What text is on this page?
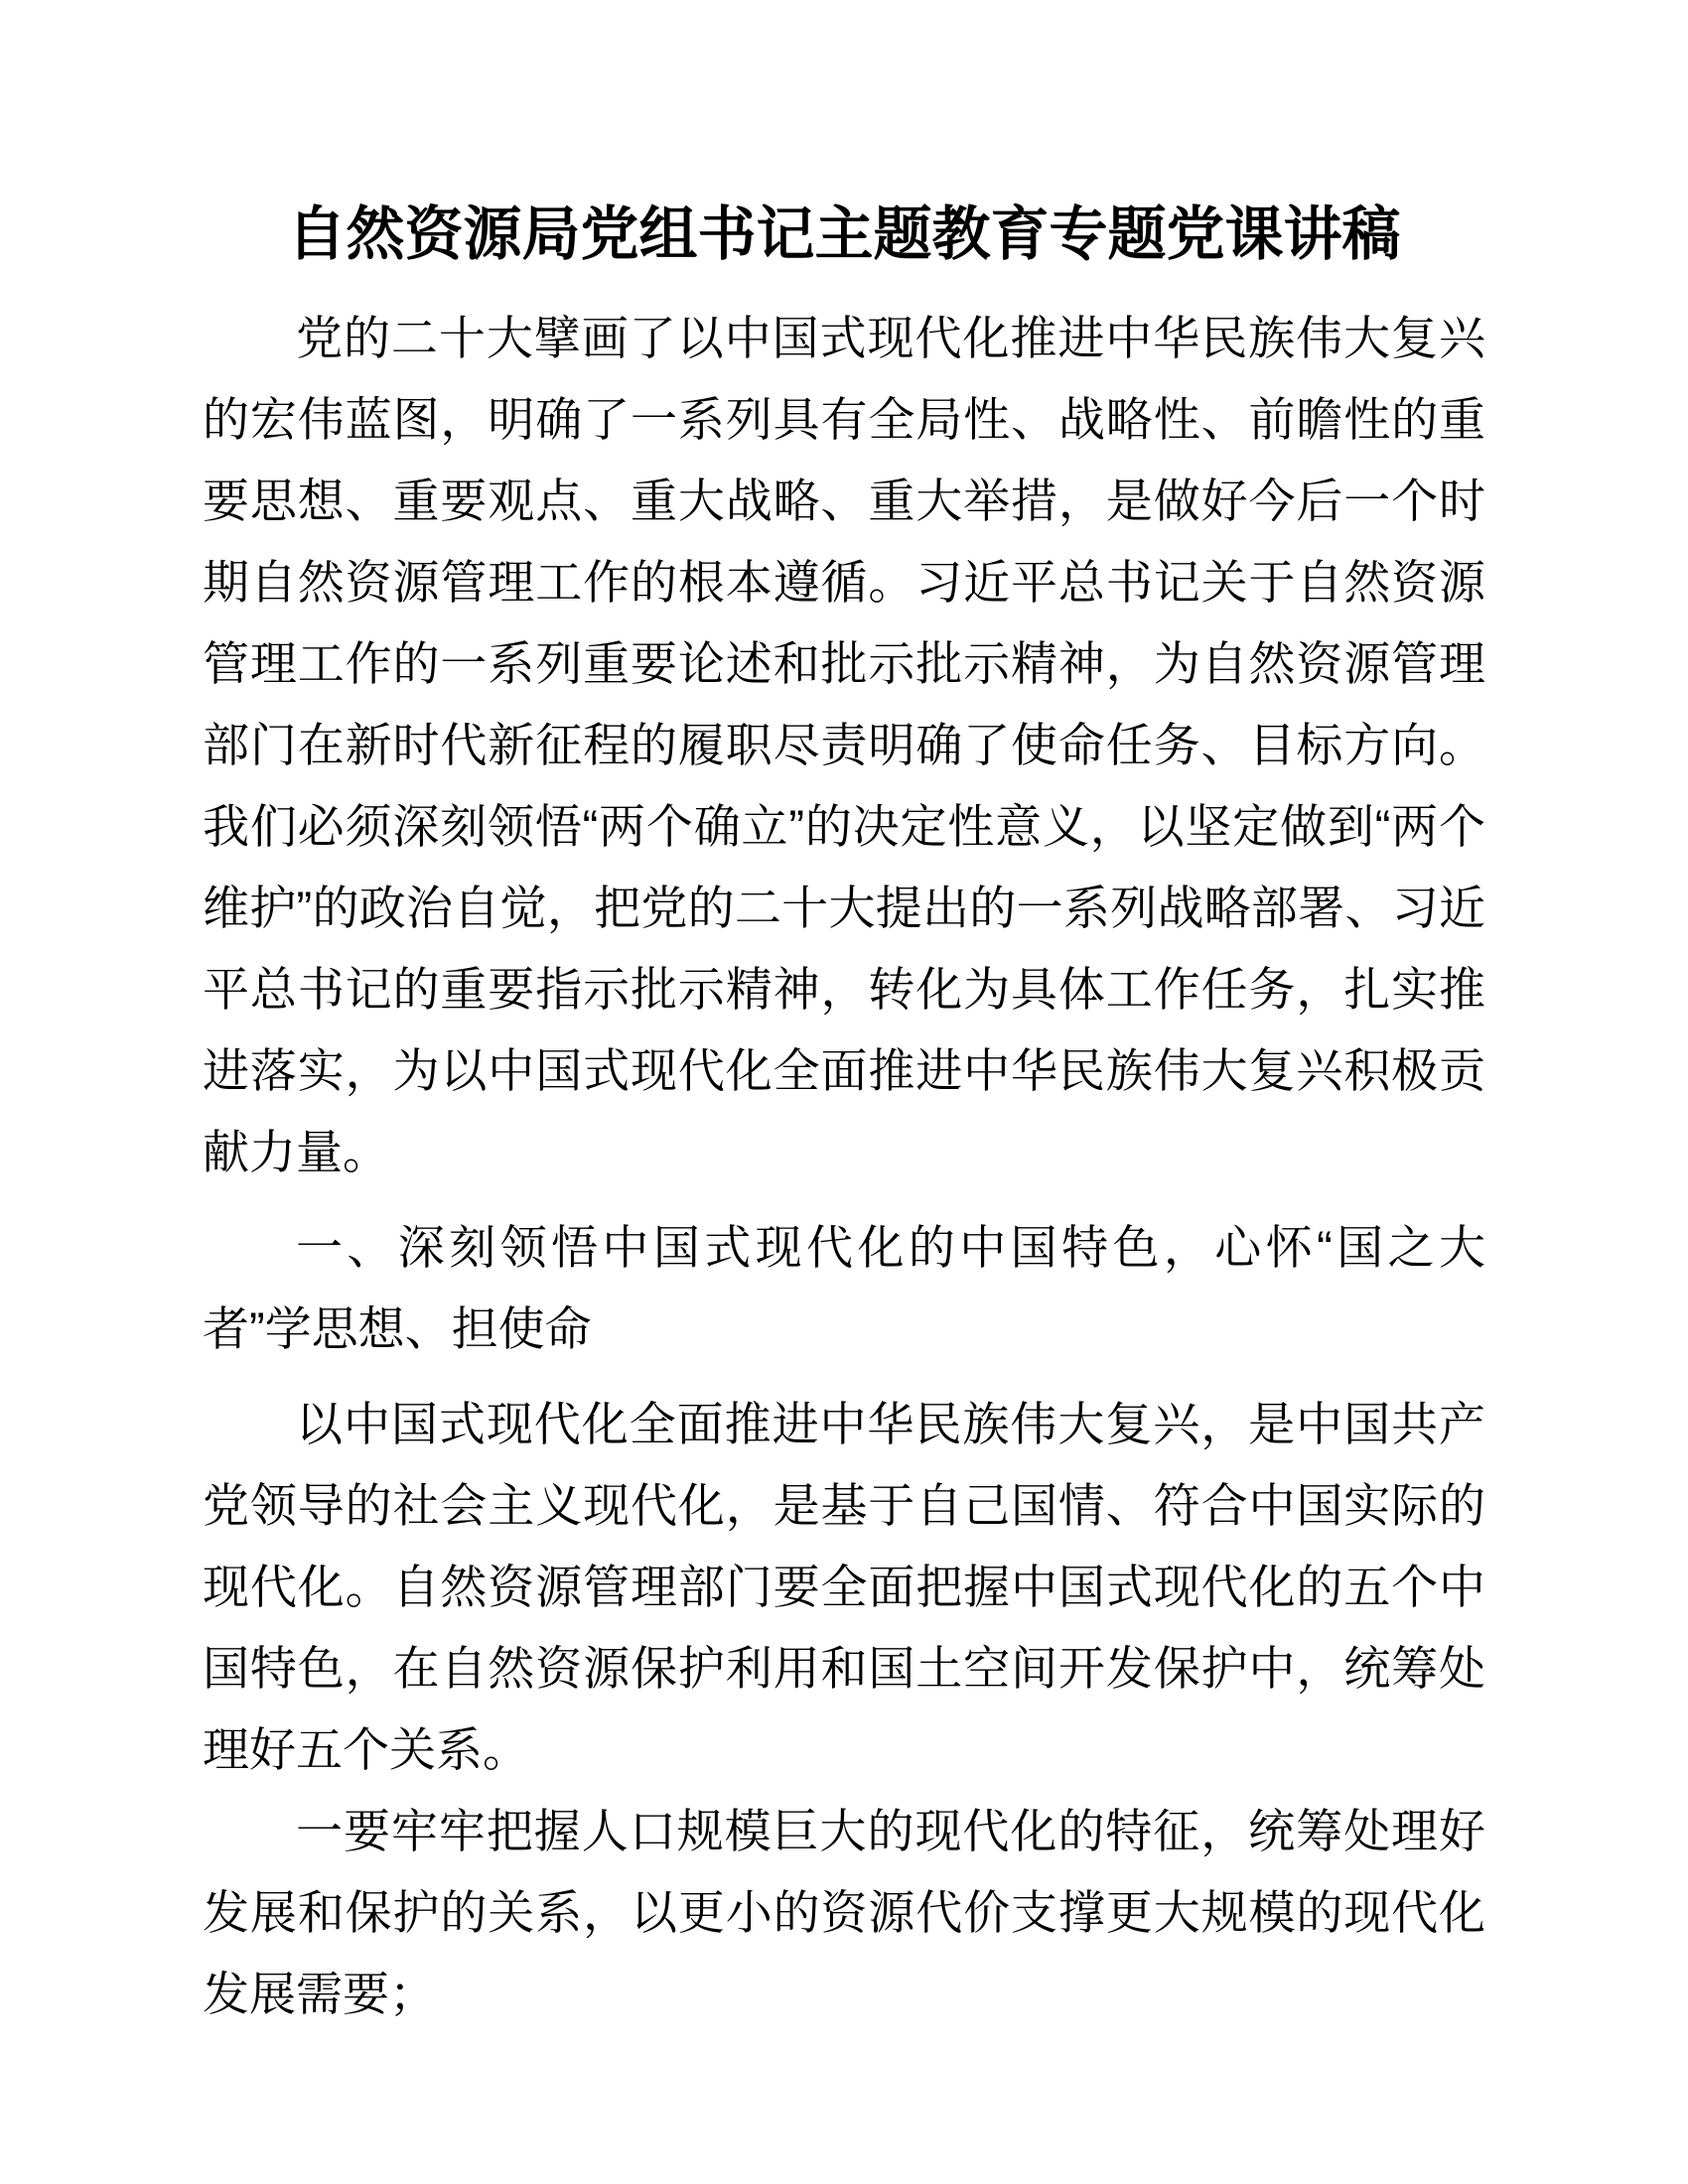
自然资源局党组书记主题教育专题党课讲稿

党的二十大擘画了以中国式现代化推进中华民族伟大复兴的宏伟蓝图，明确了一系列具有全局性、战略性、前瞻性的重要思想、重要观点、重大战略、重大举措，是做好今后一个时期自然资源管理工作的根本遵循。习近平总书记关于自然资源管理工作的一系列重要论述和批示批示精神，为自然资源管理部门在新时代新征程的履职尽责明确了使命任务、目标方向。我们必须深刻领悟“两个确立”的决定性意义，以坚定做到“两个维护”的政治自觉，把党的二十大提出的一系列战略部署、习近平总书记的重要指示批示精神，转化为具体工作任务，扎实推进落实，为以中国式现代化全面推进中华民族伟大复兴积极贡献力量。

一、深刻领悟中国式现代化的中国特色，心怀“国之大者”学思想、担使命

以中国式现代化全面推进中华民族伟大复兴，是中国共产党领导的社会主义现代化，是基于自己国情、符合中国实际的现代化。自然资源管理部门要全面把握中国式现代化的五个中国特色，在自然资源保护利用和国土空间开发保护中，统筹处理好五个关系。

一要牢牢把握人口规模巨大的现代化的特征，统筹处理好发展和保护的关系，以更小的资源代价支撑更大规模的现代化发展需要；
